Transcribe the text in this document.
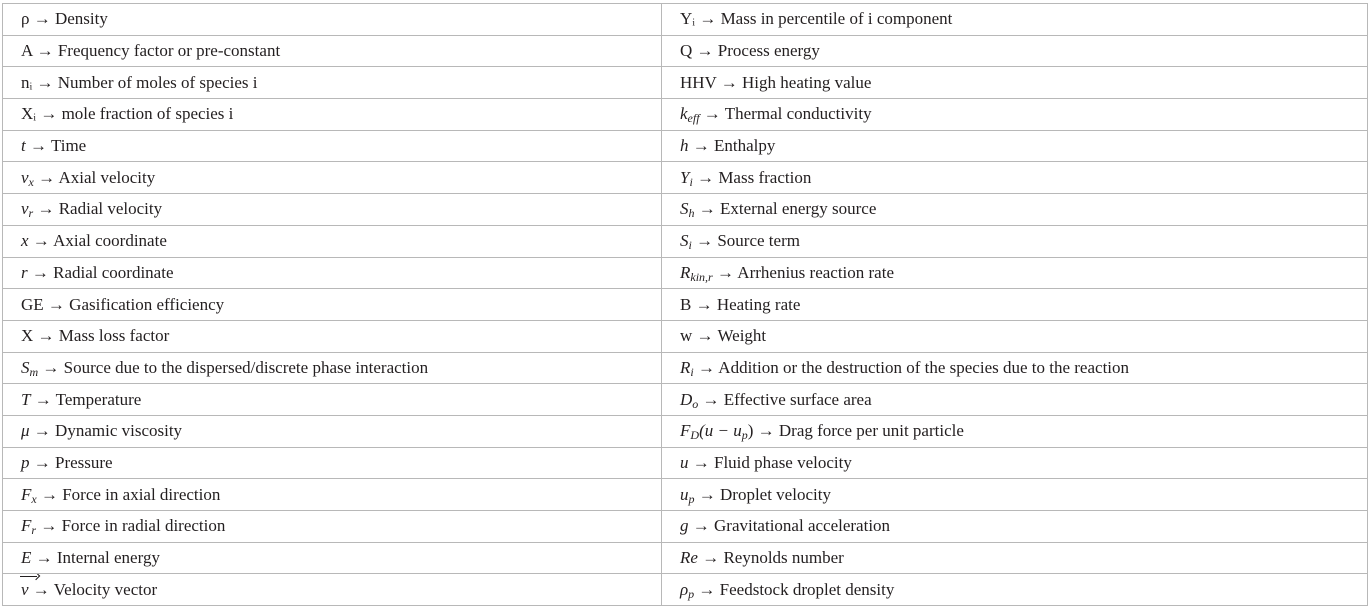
ρ → Density	Yᵢ → Mass in percentile of i component
A → Frequency factor or pre-constant	Q → Process energy
nᵢ → Number of moles of species i	HHV → High heating value
Xᵢ → mole fraction of species i	$k_{eff}$ → Thermal conductivity
t → Time	h → Enthalpy
$v_x$ → Axial velocity	$Y_i$ → Mass fraction
$v_r$ → Radial velocity	$S_h$ → External energy source
x → Axial coordinate	$S_i$ → Source term
r → Radial coordinate	$R_{kin,r}$ → Arrhenius reaction rate
GE → Gasification efficiency	B → Heating rate
X → Mass loss factor	w → Weight
$S_m$ → Source due to the dispersed/discrete phase interaction	$R_i$ → Addition or the destruction of the species due to the reaction
T → Temperature	$D_o$ → Effective surface area
μ → Dynamic viscosity	$F_D(u - u_p)$ → Drag force per unit particle
p → Pressure	u → Fluid phase velocity
$F_x$ → Force in axial direction	$u_p$ → Droplet velocity
$F_r$ → Force in radial direction	g → Gravitational acceleration
E → Internal energy	Re → Reynolds number
v → Velocity vector	$\rho_p$ → Feedstock droplet density
